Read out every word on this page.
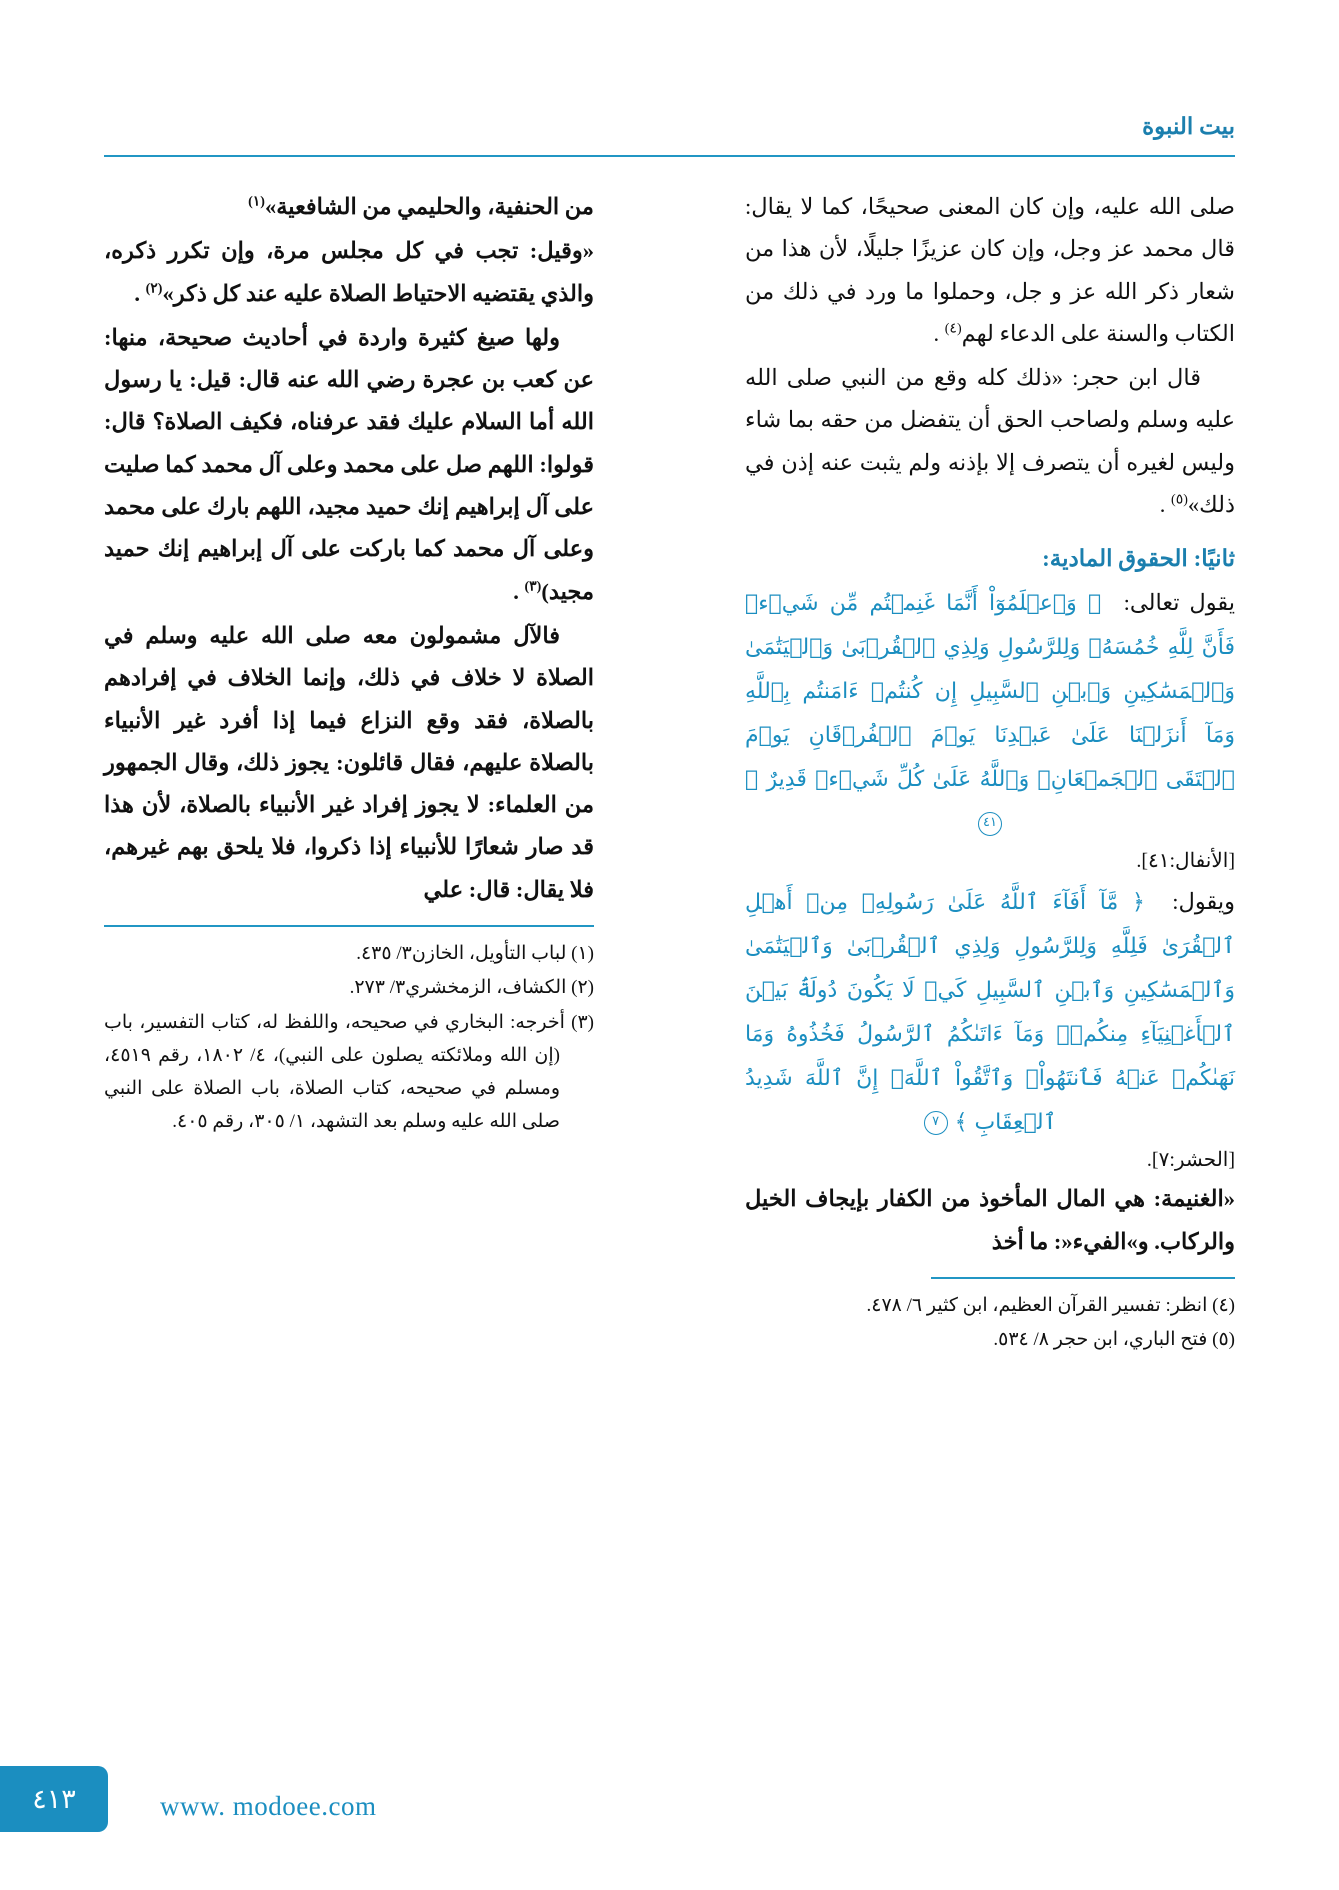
بيت النبوة

صلى الله عليه، وإن كان المعنى صحيحًا، كما لا يقال: قال محمد عز وجل، وإن كان عزيزًا جليلًا، لأن هذا من شعار ذكر الله عز و جل، وحملوا ما ورد في ذلك من الكتاب والسنة على الدعاء لهم$^{(٤)}$ .

قال ابن حجر: «ذلك كله وقع من النبي صلى الله عليه وسلم ولصاحب الحق أن يتفضل من حقه بما شاء وليس لغيره أن يتصرف إلا بإذنه ولم يثبت عنه إذن في ذلك»$^{(٥)}$ .

ثانيًا: الحقوق المادية:

يقول تعالى:  ﴿ وَٱعۡلَمُوٓاْ أَنَّمَا غَنِمۡتُم مِّن شَيۡءٖ فَأَنَّ لِلَّهِ خُمُسَهُۥ وَلِلرَّسُولِ وَلِذِي ٱلۡقُرۡبَىٰ وَٱلۡيَتَٰمَىٰ وَٱلۡمَسَٰكِينِ وَٱبۡنِ ٱلسَّبِيلِ إِن كُنتُمۡ ءَامَنتُم بِٱللَّهِ وَمَآ أَنزَلۡنَا عَلَىٰ عَبۡدِنَا يَوۡمَ ٱلۡفُرۡقَانِ يَوۡمَ ٱلۡتَقَى ٱلۡجَمۡعَانِۗ وَٱللَّهُ عَلَىٰ كُلِّ شَيۡءٖ قَدِيرٌ ﴾ ٤١

[الأنفال:٤١].

ويقول:  ﴿ مَّآ أَفَآءَ ٱللَّهُ عَلَىٰ رَسُولِهِۦ مِنۡ أَهۡلِ ٱلۡقُرَىٰ فَلِلَّهِ وَلِلرَّسُولِ وَلِذِي ٱلۡقُرۡبَىٰ وَٱلۡيَتَٰمَىٰ وَٱلۡمَسَٰكِينِ وَٱبۡنِ ٱلسَّبِيلِ كَيۡ لَا يَكُونَ دُولَةَۢ بَيۡنَ ٱلۡأَغۡنِيَآءِ مِنكُمۡۚ وَمَآ ءَاتَىٰكُمُ ٱلرَّسُولُ فَخُذُوهُ وَمَا نَهَىٰكُمۡ عَنۡهُ فَٱنتَهُواْۚ وَٱتَّقُواْ ٱللَّهَۖ إِنَّ ٱللَّهَ شَدِيدُ ٱلۡعِقَابِ ﴾ ٧

[الحشر:٧].

«الغنيمة: هي المال المأخوذ من الكفار بإيجاف الخيل والركاب. و»الفيء«: ما أخذ

(٤) انظر: تفسير القرآن العظيم، ابن كثير ٦/ ٤٧٨.

(٥) فتح الباري، ابن حجر ٨/ ٥٣٤.

من الحنفية، والحليمي من الشافعية»$^{(١)}$

«وقيل: تجب في كل مجلس مرة، وإن تكرر ذكره، والذي يقتضيه الاحتياط الصلاة عليه عند كل ذكر»$^{(٢)}$ .

ولها صيغ كثيرة واردة في أحاديث صحيحة، منها: عن كعب بن عجرة رضي الله عنه قال: قيل: يا رسول الله أما السلام عليك فقد عرفناه، فكيف الصلاة؟ قال: قولوا: اللهم صل على محمد وعلى آل محمد كما صليت على آل إبراهيم إنك حميد مجيد، اللهم بارك على محمد وعلى آل محمد كما باركت على آل إبراهيم إنك حميد مجيد)$^{(٣)}$ .

فالآل مشمولون معه صلى الله عليه وسلم في الصلاة لا خلاف في ذلك، وإنما الخلاف في إفرادهم بالصلاة، فقد وقع النزاع فيما إذا أفرد غير الأنبياء بالصلاة عليهم، فقال قائلون: يجوز ذلك، وقال الجمهور من العلماء: لا يجوز إفراد غير الأنبياء بالصلاة، لأن هذا قد صار شعارًا للأنبياء إذا ذكروا، فلا يلحق بهم غيرهم، فلا يقال: قال: علي

(١) لباب التأويل، الخازن٣/ ٤٣٥.

(٢) الكشاف، الزمخشري٣/ ٢٧٣.

(٣) أخرجه: البخاري في صحيحه، واللفظ له، كتاب التفسير، باب (إن الله وملائكته يصلون على النبي)، ٤/ ١٨٠٢، رقم ٤٥١٩، ومسلم في صحيحه، كتاب الصلاة، باب الصلاة على النبي صلى الله عليه وسلم بعد التشهد، ١/ ٣٠٥، رقم ٤٠٥.

٤١٣	www. modoee.com
